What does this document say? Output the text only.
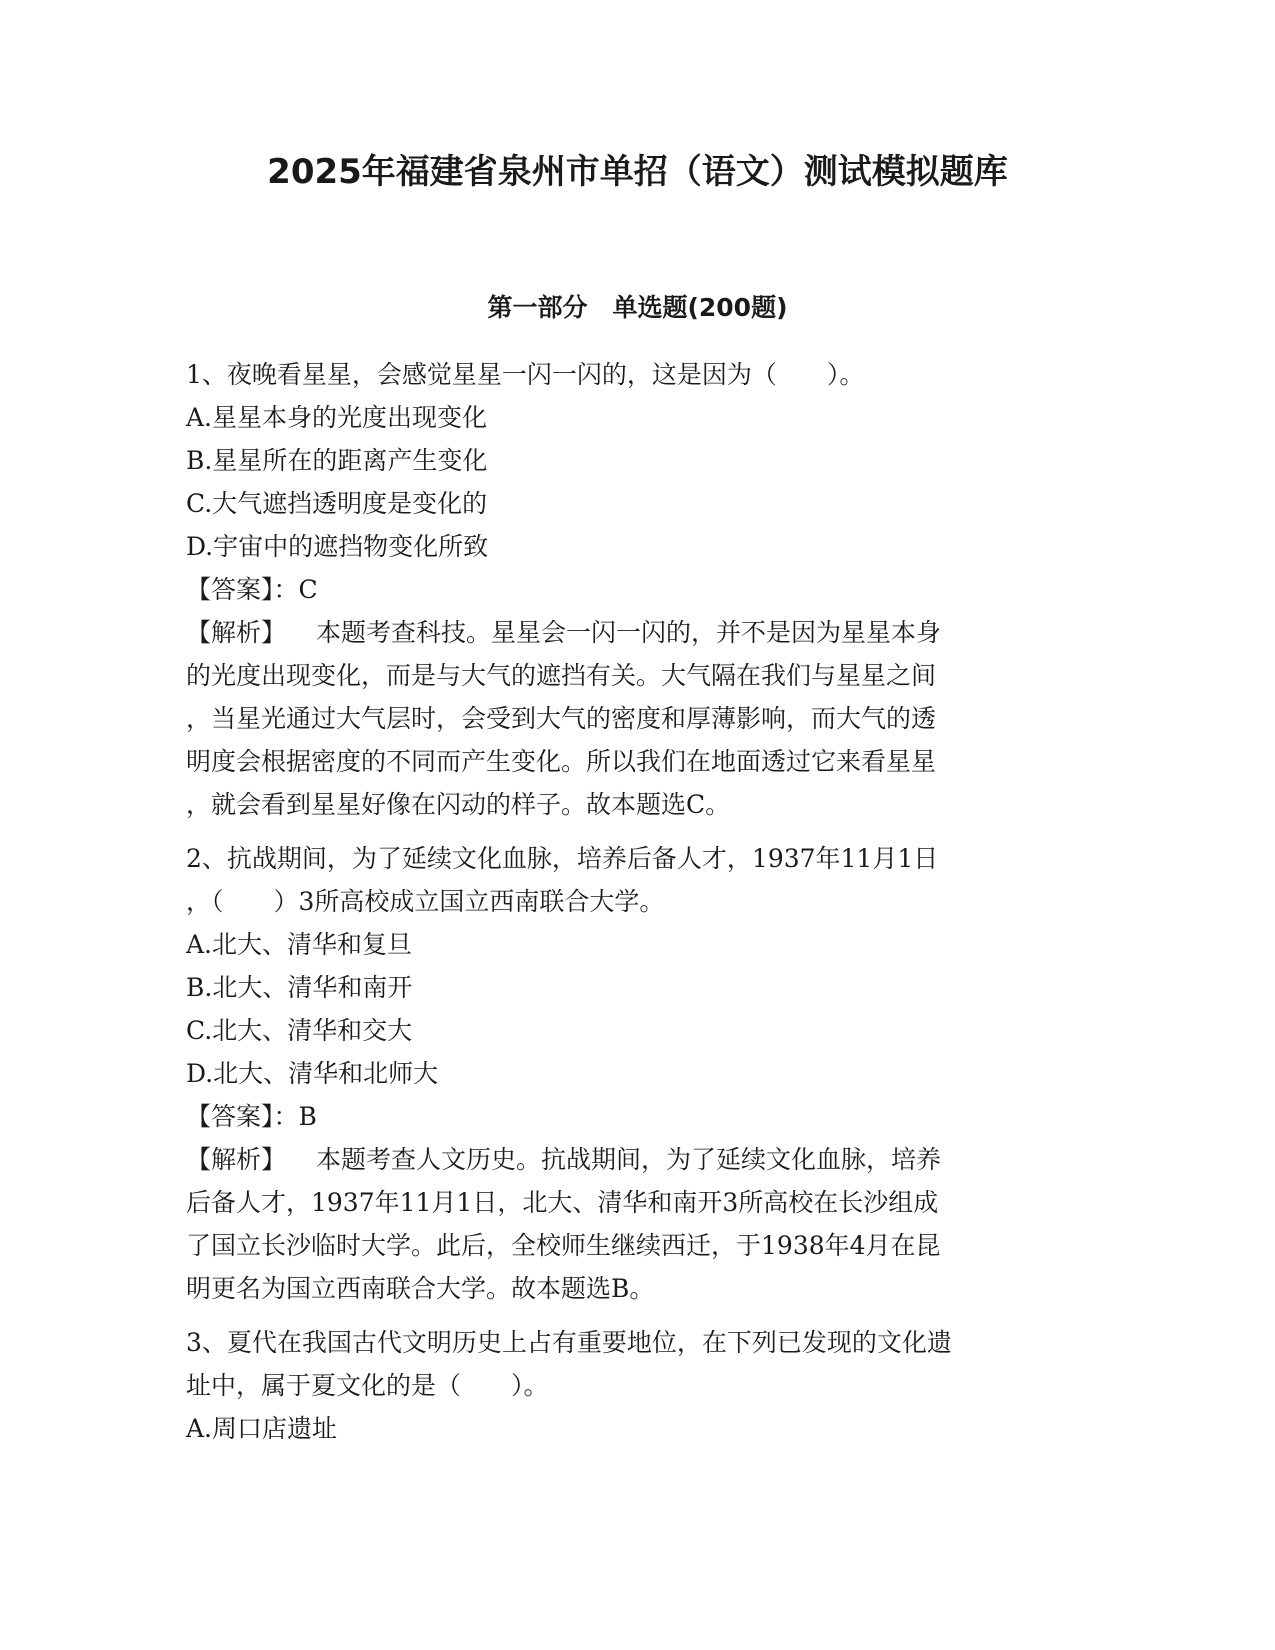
2025年福建省泉州市单招（语文）测试模拟题库
第一部分　单选题(200题)
1、夜晚看星星，会感觉星星一闪一闪的，这是因为（　　）。
A.星星本身的光度出现变化
B.星星所在的距离产生变化
C.大气遮挡透明度是变化的
D.宇宙中的遮挡物变化所致
【答案】：C
【解析】 本题考查科技。星星会一闪一闪的，并不是因为星星本身
的光度出现变化，而是与大气的遮挡有关。大气隔在我们与星星之间
，当星光通过大气层时，会受到大气的密度和厚薄影响，而大气的透
明度会根据密度的不同而产生变化。所以我们在地面透过它来看星星
，就会看到星星好像在闪动的样子。故本题选C。
2、抗战期间，为了延续文化血脉，培养后备人才，1937年11月1日
，（　　）3所高校成立国立西南联合大学。
A.北大、清华和复旦
B.北大、清华和南开
C.北大、清华和交大
D.北大、清华和北师大
【答案】：B
【解析】 本题考查人文历史。抗战期间，为了延续文化血脉，培养
后备人才，1937年11月1日，北大、清华和南开3所高校在长沙组成
了国立长沙临时大学。此后，全校师生继续西迁，于1938年4月在昆
明更名为国立西南联合大学。故本题选B。
3、夏代在我国古代文明历史上占有重要地位，在下列已发现的文化遗
址中，属于夏文化的是（　　）。
A.周口店遗址
